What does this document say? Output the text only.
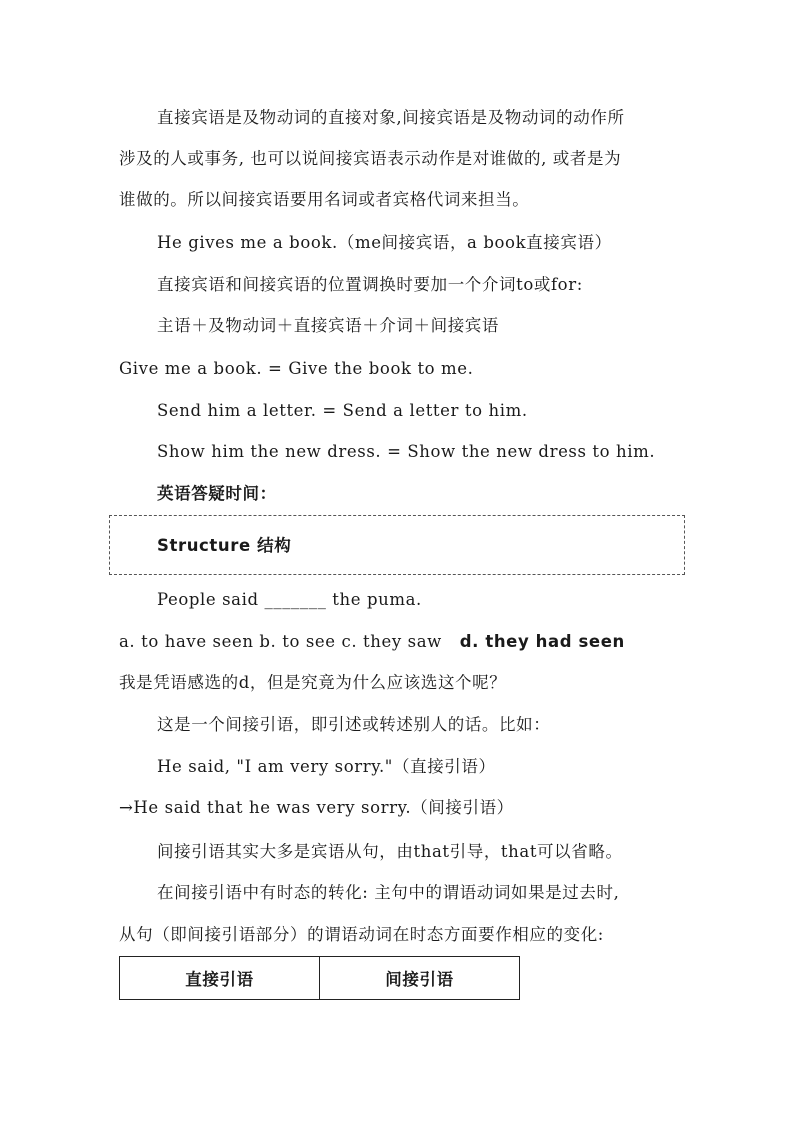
直接宾语是及物动词的直接对象,间接宾语是及物动词的动作所
涉及的人或事务, 也可以说间接宾语表示动作是对谁做的, 或者是为
谁做的。所以间接宾语要用名词或者宾格代词来担当。
He gives me a book.（me间接宾语，a book直接宾语）
直接宾语和间接宾语的位置调换时要加一个介词to或for:
主语＋及物动词＋直接宾语＋介词＋间接宾语
Give me a book. = Give the book to me.
Send him a letter. = Send a letter to him.
Show him the new dress. = Show the new dress to him.
英语答疑时间：
Structure 结构
People said _______ the puma.
a. to have seen b. to see c. they saw d. they had seen
我是凭语感选的d，但是究竟为什么应该选这个呢？
这是一个间接引语，即引述或转述别人的话。比如：
He said, "I am very sorry."（直接引语）
→He said that he was very sorry.（间接引语）
间接引语其实大多是宾语从句，由that引导，that可以省略。
在间接引语中有时态的转化: 主句中的谓语动词如果是过去时,
从句（即间接引语部分）的谓语动词在时态方面要作相应的变化:
直接引语	间接引语
